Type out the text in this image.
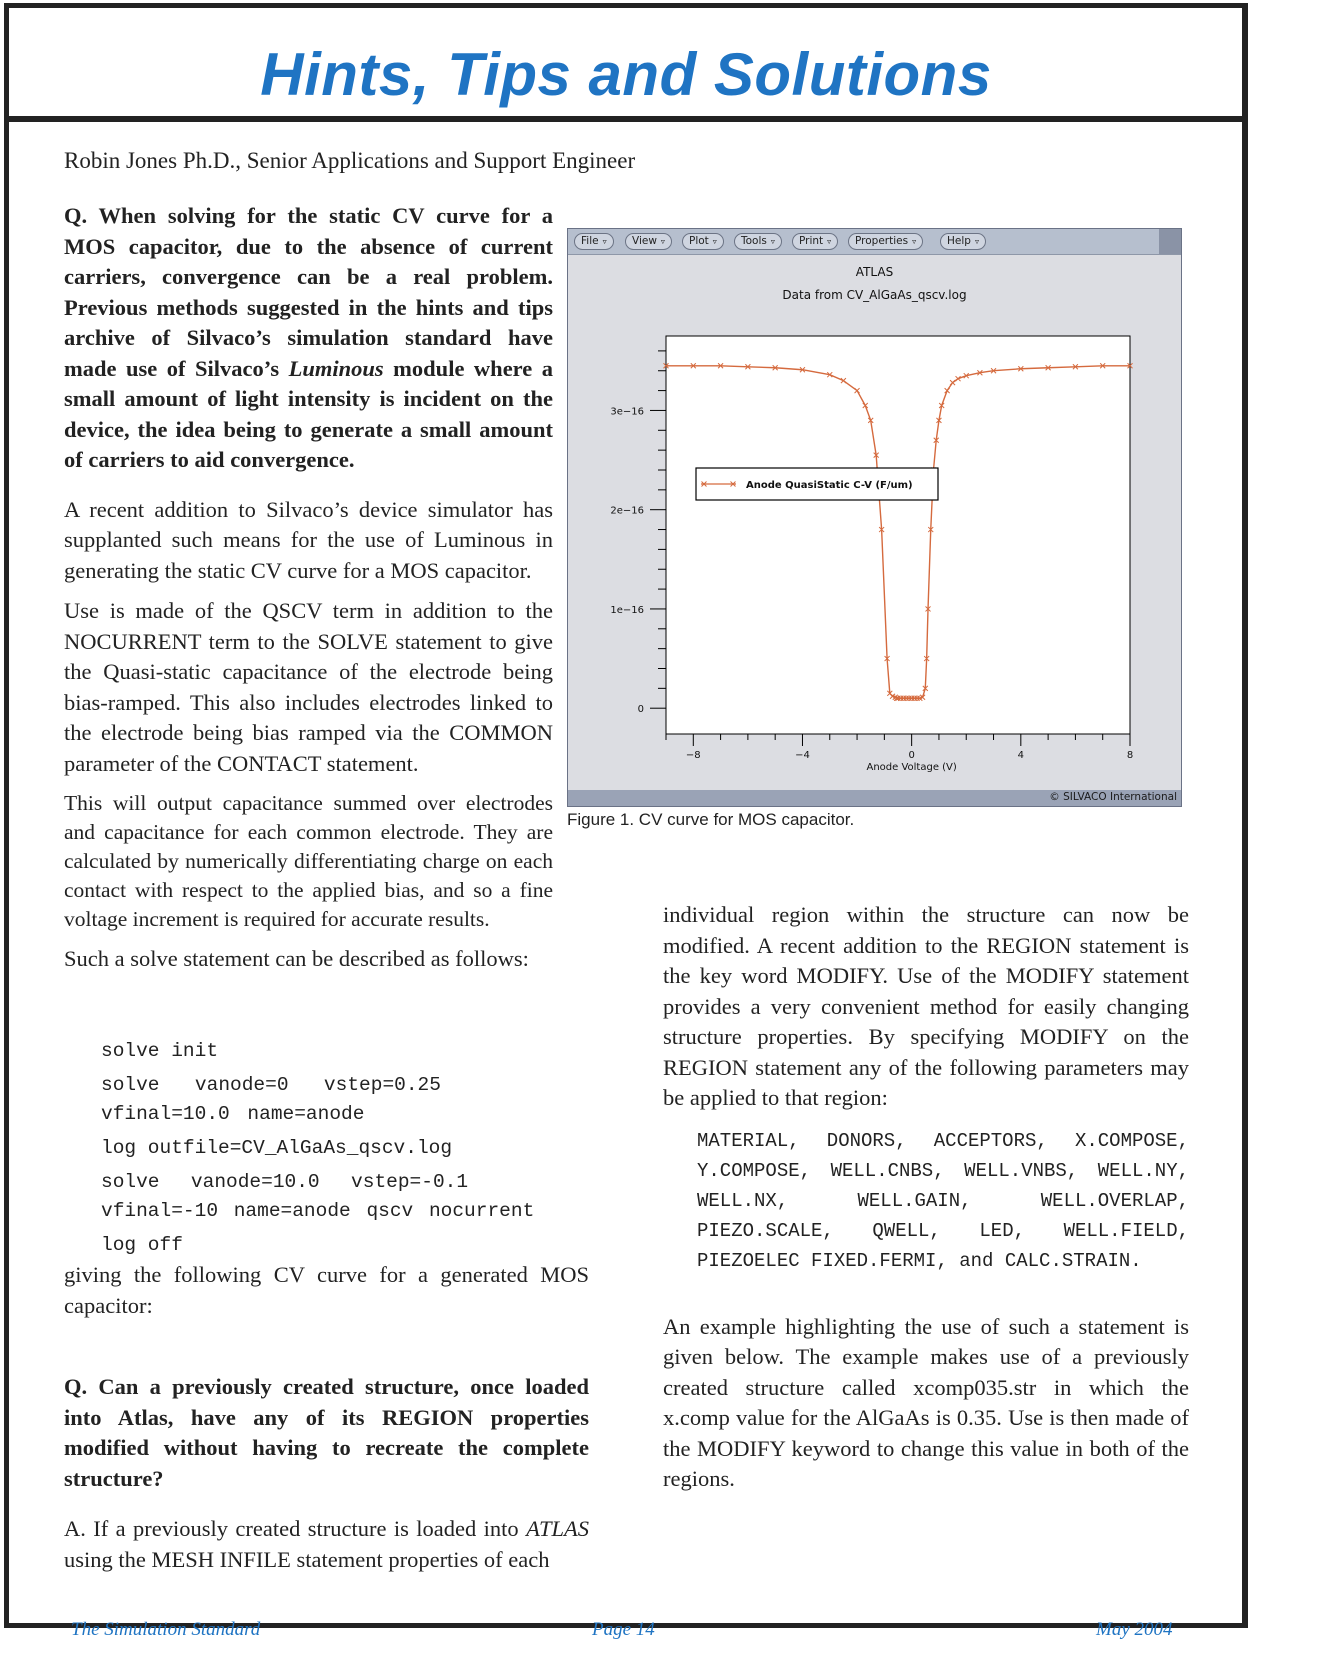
Hints, Tips and Solutions
Robin Jones Ph.D., Senior Applications and Support Engineer

Q. When solving for the static CV curve for a MOS capacitor, due to the absence of current carriers, convergence can be a real problem. Previous methods suggested in the hints and tips archive of Silvaco’s simulation standard have made use of Silvaco’s Luminous module where a small amount of light intensity is incident on the device, the idea being to generate a small amount of carriers to aid convergence.

A recent addition to Silvaco’s device simulator has supplanted such means for the use of Luminous in generating the static CV curve for a MOS capacitor.

Use is made of the QSCV term in addition to the NOCURRENT term to the SOLVE statement to give the Quasi-static capacitance of the electrode being bias-ramped. This also includes electrodes linked to the electrode being bias ramped via the COMMON parameter of the CONTACT statement.

This will output capacitance summed over electrodes and capacitance for each common electrode. They are calculated by numerically differentiating charge on each contact with respect to the applied bias, and so a fine voltage increment is required for accurate results.

Such a solve statement can be described as follows:

solve init
solve  vanode=0  vstep=0.25  vfinal=10.0 name=anode
log outfile=CV_AlGaAs_qscv.log
solve  vanode=10.0  vstep=-0.1  vfinal=-10 name=anode qscv nocurrent
log off

giving the following CV curve for a generated MOS capacitor:

Q. Can a previously created structure, once loaded into Atlas, have any of its REGION properties modified without having to recreate the complete structure?

A. If a previously created structure is loaded into ATLAS using the MESH INFILE statement properties of each

individual region within the structure can now be modified. A recent addition to the REGION statement is the key word MODIFY. Use of the MODIFY statement provides a very convenient method for easily changing structure properties. By specifying MODIFY on the REGION statement any of the following parameters may be applied to that region:

MATERIAL, DONORS, ACCEPTORS, X.COMPOSE, Y.COMPOSE, WELL.CNBS, WELL.VNBS, WELL.NY, WELL.NX, WELL.GAIN, WELL.OVERLAP, PIEZO.SCALE, QWELL, LED, WELL.FIELD, PIEZOELEC FIXED.FERMI, and CALC.STRAIN.

An example highlighting the use of such a statement is given below. The example makes use of a previously created structure called xcomp035.str in which the x.comp value for the AlGaAs is 0.35. Use is then made of the MODIFY keyword to change this value in both of the regions.

File ▿	View ▿	Plot ▿	Tools ▿	Print ▿	Properties ▿	Help ▿
ATLAS
Data from CV_AlGaAs_qscv.log
0
1e−16
2e−16
3e−16
−8	−4	0	4	8
Anode Voltage (V)
Anode QuasiStatic C-V (F/um)
© SILVACO International
Figure 1. CV curve for MOS capacitor.
The Simulation Standard	Page 14	May 2004
